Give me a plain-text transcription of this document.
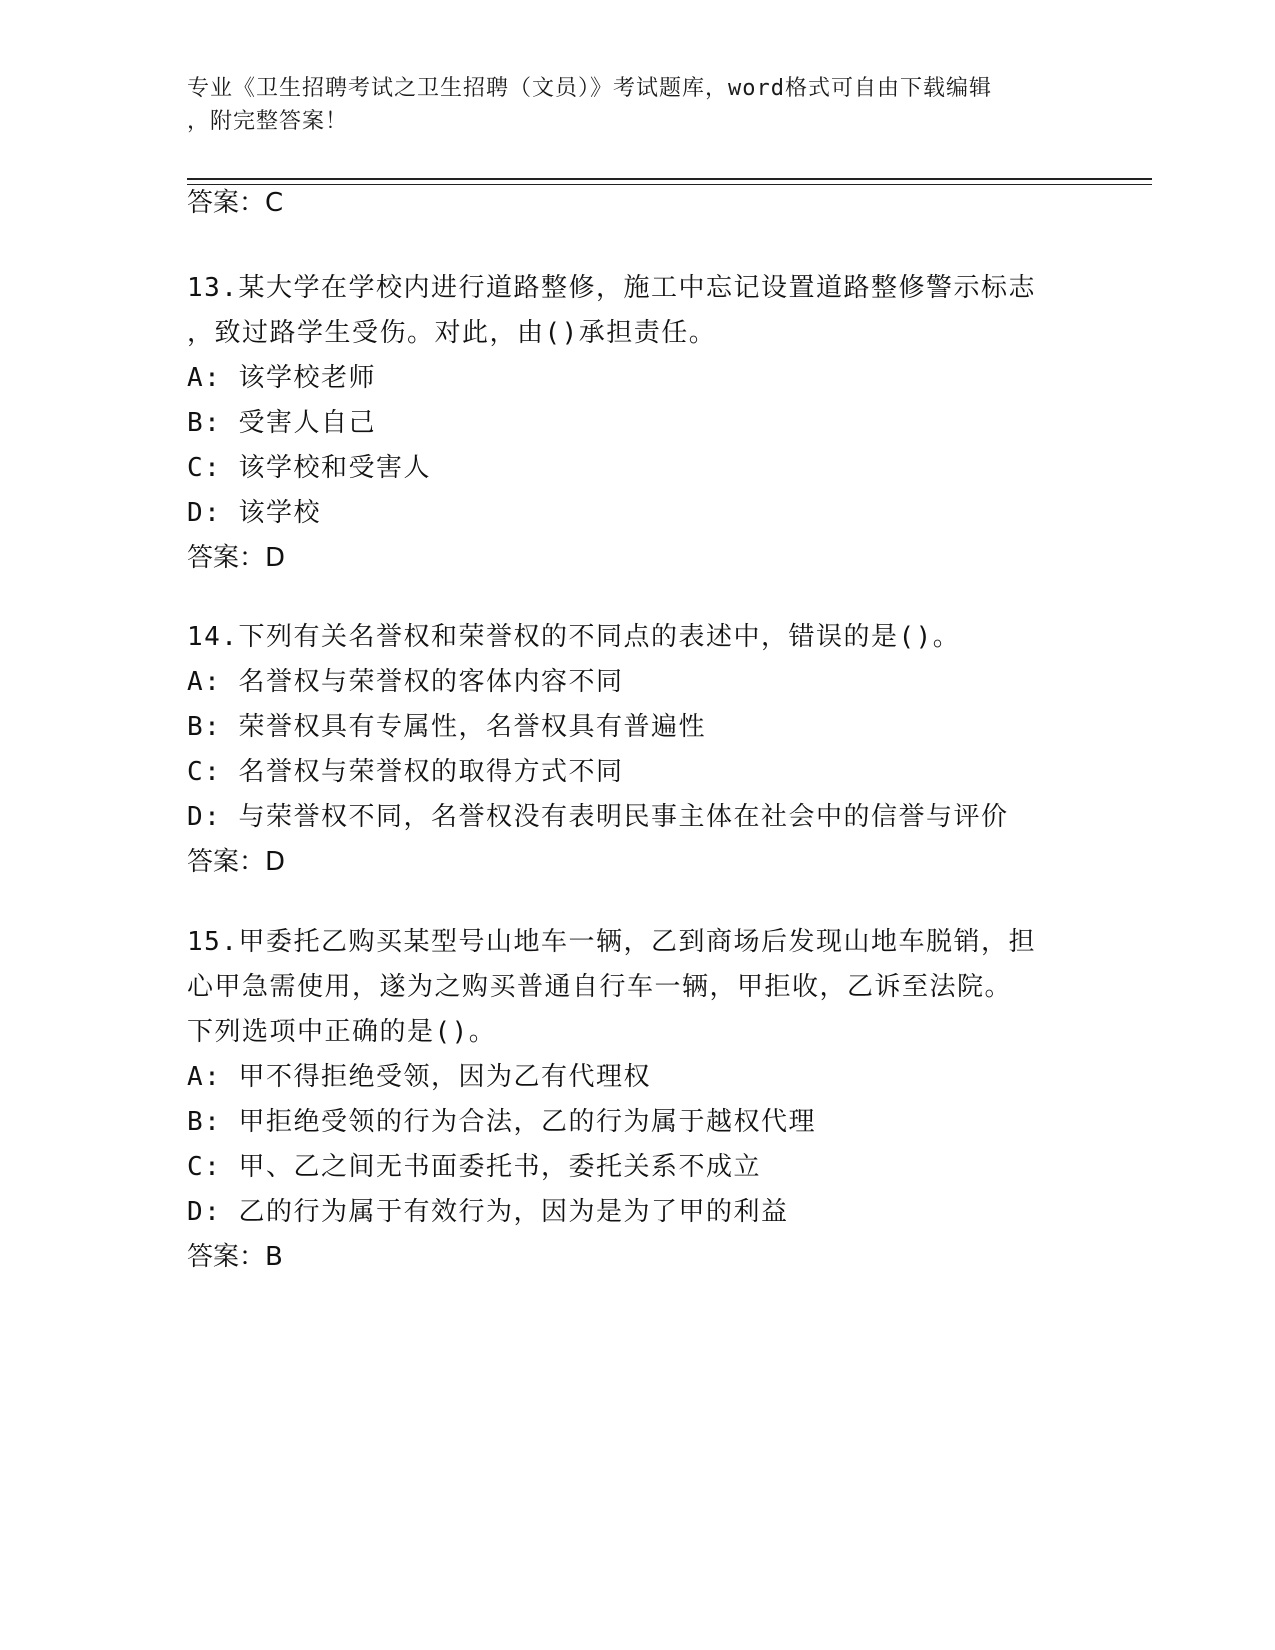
专业《卫生招聘考试之卫生招聘（文员）》考试题库，word格式可自由下载编辑
，附完整答案！
答案：C
13.某大学在学校内进行道路整修，施工中忘记设置道路整修警示标志
，致过路学生受伤。对此，由()承担责任。
A: 该学校老师
B: 受害人自己
C: 该学校和受害人
D: 该学校
答案：D
14.下列有关名誉权和荣誉权的不同点的表述中，错误的是()。
A: 名誉权与荣誉权的客体内容不同
B: 荣誉权具有专属性，名誉权具有普遍性
C: 名誉权与荣誉权的取得方式不同
D: 与荣誉权不同，名誉权没有表明民事主体在社会中的信誉与评价
答案：D
15.甲委托乙购买某型号山地车一辆，乙到商场后发现山地车脱销，担
心甲急需使用，遂为之购买普通自行车一辆，甲拒收，乙诉至法院。
下列选项中正确的是()。
A: 甲不得拒绝受领，因为乙有代理权
B: 甲拒绝受领的行为合法，乙的行为属于越权代理
C: 甲、乙之间无书面委托书，委托关系不成立
D: 乙的行为属于有效行为，因为是为了甲的利益
答案：B
